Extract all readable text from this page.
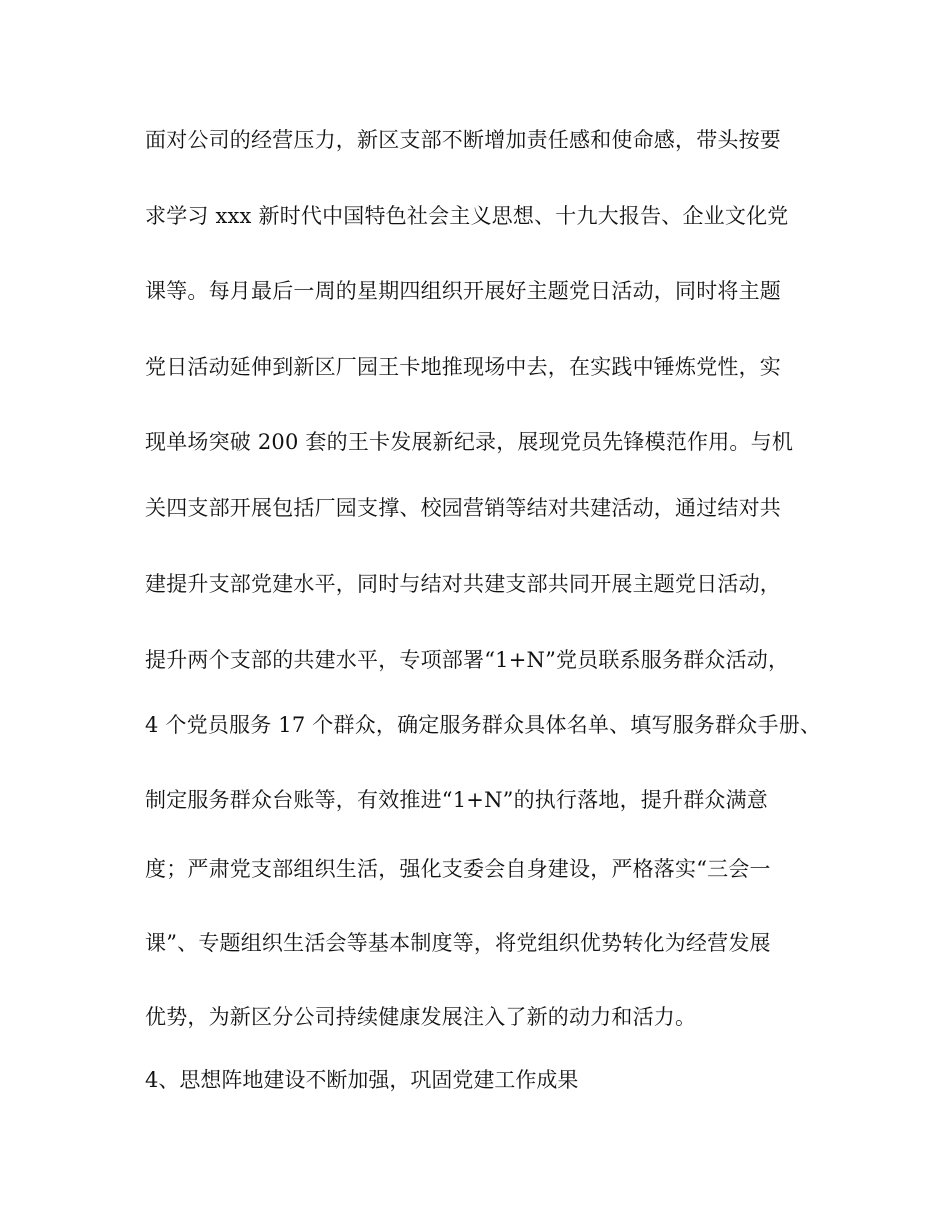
面对公司的经营压力，新区支部不断增加责任感和使命感，带头按要
求学习 xxx 新时代中国特色社会主义思想、十九大报告、企业文化党
课等。每月最后一周的星期四组织开展好主题党日活动，同时将主题
党日活动延伸到新区厂园王卡地推现场中去，在实践中锤炼党性，实
现单场突破 200 套的王卡发展新纪录，展现党员先锋模范作用。与机
关四支部开展包括厂园支撑、校园营销等结对共建活动，通过结对共
建提升支部党建水平，同时与结对共建支部共同开展主题党日活动，
提升两个支部的共建水平，专项部署“1+N”党员联系服务群众活动，
4 个党员服务 17 个群众，确定服务群众具体名单、填写服务群众手册、
制定服务群众台账等，有效推进“1+N”的执行落地，提升群众满意
度；严肃党支部组织生活，强化支委会自身建设，严格落实“三会一
课”、专题组织生活会等基本制度等，将党组织优势转化为经营发展
优势，为新区分公司持续健康发展注入了新的动力和活力。
4、思想阵地建设不断加强，巩固党建工作成果
